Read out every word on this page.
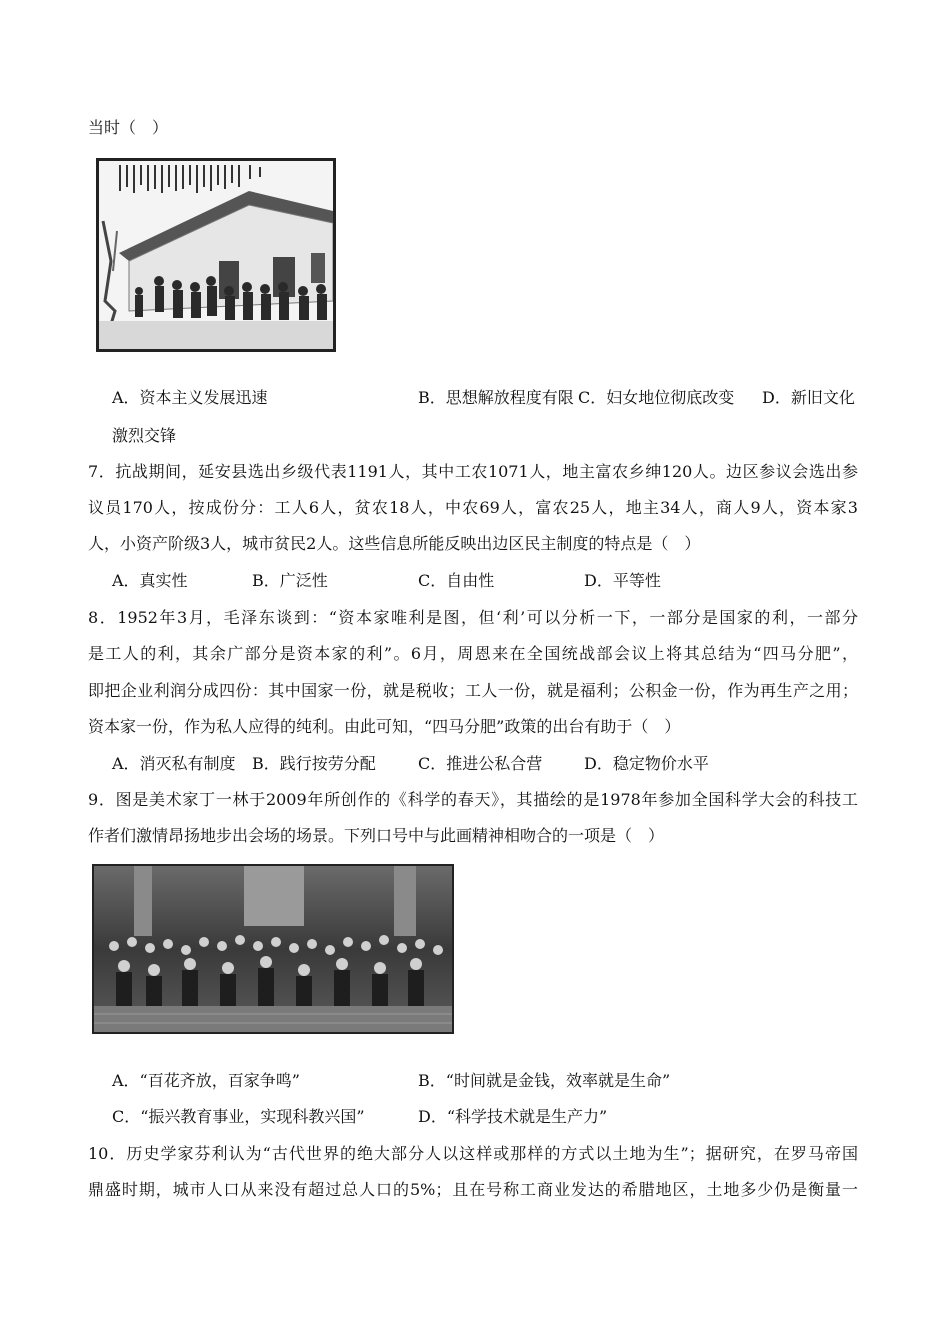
当时（　）
A．资本主义发展迅速	B．思想解放程度有限 C．妇女地位彻底改变 D．新旧文化
激烈交锋
7．抗战期间，延安县选出乡级代表1191人，其中工农1071人，地主富农乡绅120人。边区参议会选出参
议员170人，按成份分：工人6人，贫农18人，中农69人，富农25人，地主34人，商人9人，资本家3
人，小资产阶级3人，城市贫民2人。这些信息所能反映出边区民主制度的特点是（　）
A．真实性	B．广泛性	C．自由性	D．平等性
8．1952年3月，毛泽东谈到：“资本家唯利是图，但‘利’可以分析一下，一部分是国家的利，一部分
是工人的利，其余广部分是资本家的利”。6月，周恩来在全国统战部会议上将其总结为“四马分肥”，
即把企业利润分成四份：其中国家一份，就是税收；工人一份，就是福利；公积金一份，作为再生产之用；
资本家一份，作为私人应得的纯利。由此可知，“四马分肥”政策的出台有助于（　）
A．消灭私有制度 B．践行按劳分配	C．推进公私合营	D．稳定物价水平
9．图是美术家丁一林于2009年所创作的《科学的春天》，其描绘的是1978年参加全国科学大会的科技工
作者们激情昂扬地步出会场的场景。下列口号中与此画精神相吻合的一项是（　）
A．“百花齐放，百家争鸣”	B．“时间就是金钱，效率就是生命”
C．“振兴教育事业，实现科教兴国”	D．“科学技术就是生产力”
10．历史学家芬利认为“古代世界的绝大部分人以这样或那样的方式以土地为生”；据研究，在罗马帝国
鼎盛时期，城市人口从来没有超过总人口的5%；且在号称工商业发达的希腊地区，土地多少仍是衡量一
